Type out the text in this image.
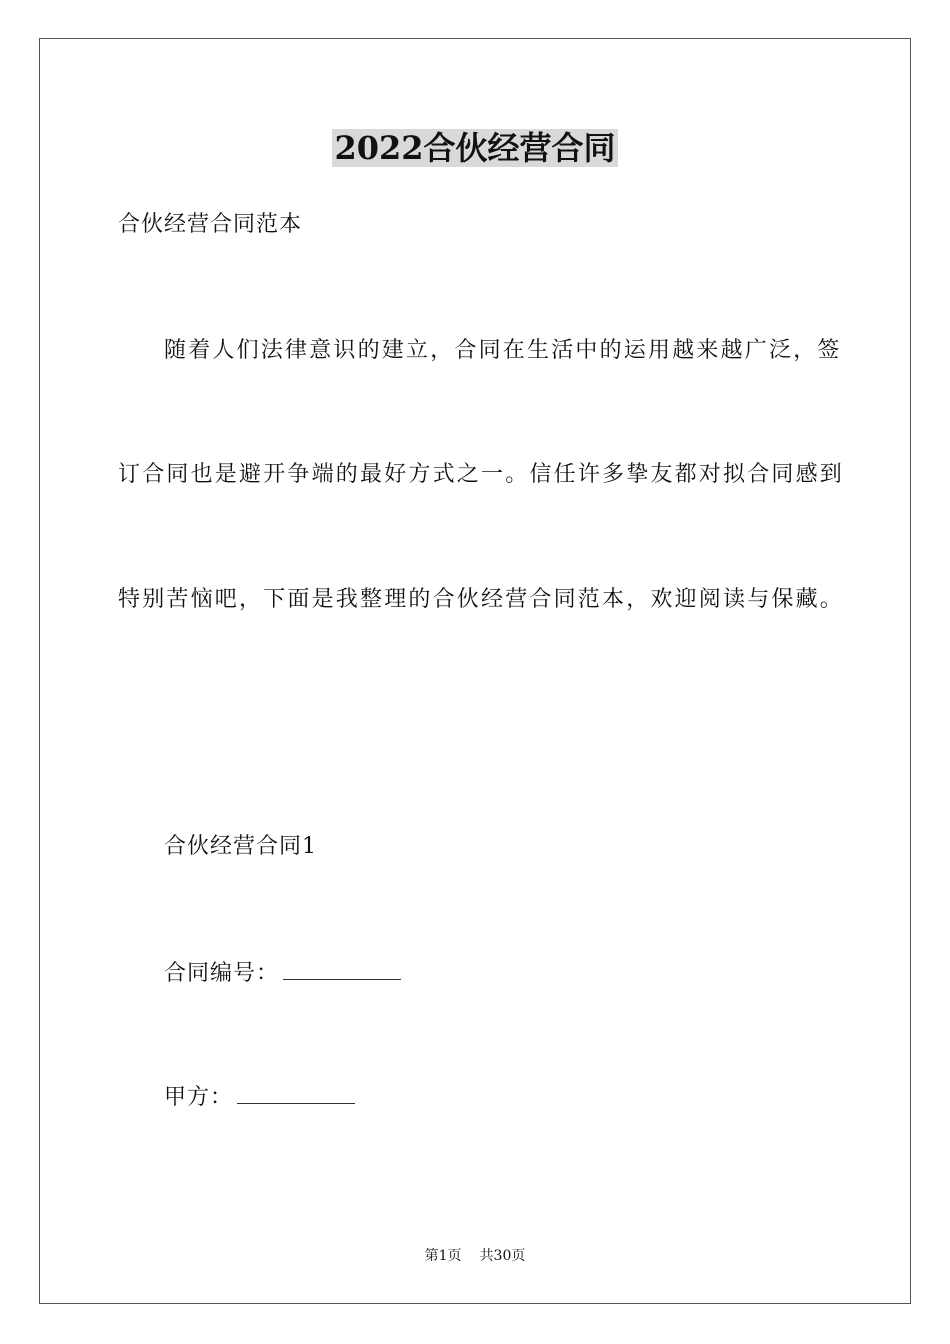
2022合伙经营合同
合伙经营合同范本
随着人们法律意识的建立，合同在生活中的运用越来越广泛，签
订合同也是避开争端的最好方式之一。信任许多挚友都对拟合同感到
特别苦恼吧，下面是我整理的合伙经营合同范本，欢迎阅读与保藏。
合伙经营合同1
合同编号：
甲方：
第1页 共30页
